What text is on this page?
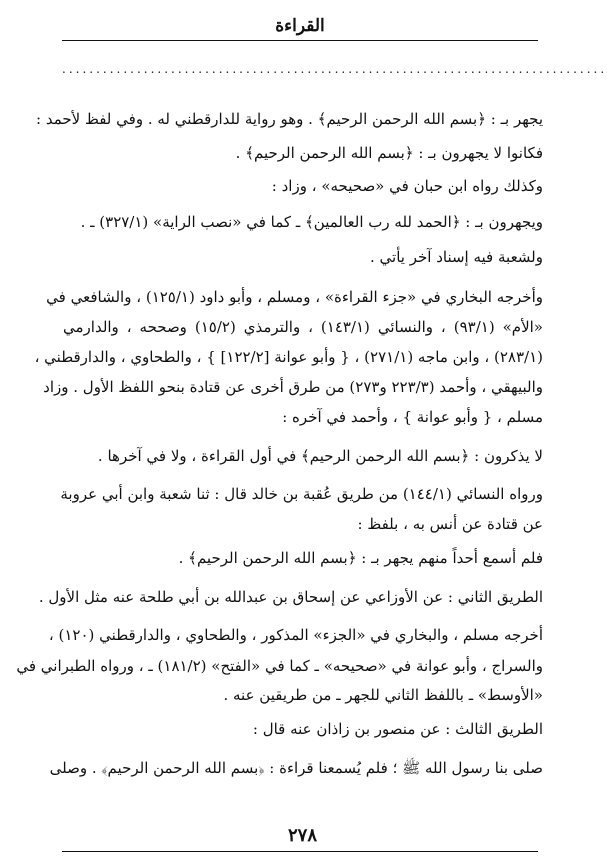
القراءة
................................................................................
يجهر بـ : ﴿بسم الله الرحمن الرحيم﴾ . وهو رواية للدارقطني له . وفي لفظ لأحمد :
فكانوا لا يجهرون بـ : ﴿بسم الله الرحمن الرحيم﴾ .
وكذلك رواه ابن حبان في «صحيحه» ، وزاد :
ويجهرون بـ : ﴿الحمد لله رب العالمين﴾ ـ كما في «نصب الراية» (٣٢٧/١) ـ .
ولشعبة فيه إسناد آخر يأتي .
وأخرجه البخاري في «جزء القراءة» ، ومسلم ، وأبو داود (١٢٥/١) ، والشافعي في
«الأم» (٩٣/١) ، والنسائي (١٤٣/١) ، والترمذي (١٥/٢) وصححه ، والدارمي
(٢٨٣/١) ، وابن ماجه (٢٧١/١) ، { وأبو عوانة [١٢٢/٢] } ، والطحاوي ، والدارقطني ،
والبيهقي ، وأحمد (٢٢٣/٣ و٢٧٣) من طرق أخرى عن قتادة بنحو اللفظ الأول . وزاد
مسلم ، { وأبو عوانة } ، وأحمد في آخره :
لا يذكرون : ﴿بسم الله الرحمن الرحيم﴾ في أول القراءة ، ولا في آخرها .
ورواه النسائي (١٤٤/١) من طريق عُقبة بن خالد قال : ثنا شعبة وابن أبي عروبة
عن قتادة عن أنس به ، بلفظ :
فلم أسمع أحداً منهم يجهر بـ : ﴿بسم الله الرحمن الرحيم﴾ .
الطريق الثاني : عن الأوزاعي عن إسحاق بن عبدالله بن أبي طلحة عنه مثل الأول .
أخرجه مسلم ، والبخاري في «الجزء» المذكور ، والطحاوي ، والدارقطني (١٢٠) ،
والسراج ، وأبو عوانة في «صحيحه» ـ كما في «الفتح» (١٨١/٢) ـ ، ورواه الطبراني في
«الأوسط» ـ باللفظ الثاني للجهر ـ من طريقين عنه .
الطريق الثالث : عن منصور بن زاذان عنه قال :
صلى بنا رسول الله ﷺ ؛ فلم يُسمعنا قراءة : ﴿بسم الله الرحمن الرحيم﴾ . وصلى
٢٧٨
